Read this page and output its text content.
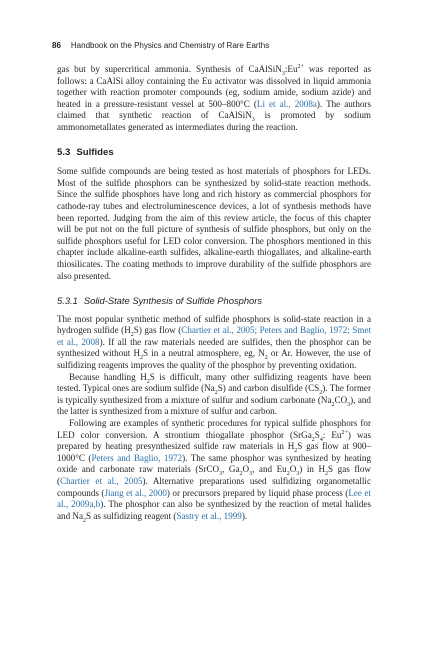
86 Handbook on the Physics and Chemistry of Rare Earths

gas but by supercritical ammonia. Synthesis of $CaAlSiN_3:Eu^{2+}$ was reported as follows: a CaAlSi alloy containing the Eu activator was dissolved in liquid ammonia together with reaction promoter compounds (eg, sodium amide, sodium azide) and heated in a pressure-resistant vessel at 500–800°C (Li et al., 2008a). The authors claimed that synthetic reaction of CaAlSiN$_3$ is promoted by sodium ammonometallates generated as intermediates during the reaction.

5.3 Sulfides

Some sulfide compounds are being tested as host materials of phosphors for LEDs. Most of the sulfide phosphors can be synthesized by solid-state reaction methods. Since the sulfide phosphors have long and rich history as commercial phosphors for cathode-ray tubes and electroluminescence devices, a lot of synthesis methods have been reported. Judging from the aim of this review article, the focus of this chapter will be put not on the full picture of synthesis of sulfide phosphors, but only on the sulfide phosphors useful for LED color conversion. The phosphors mentioned in this chapter include alkaline-earth sulfides, alkaline-earth thiogallates, and alkaline-earth thiosilicates. The coating methods to improve durability of the sulfide phosphors are also presented.

5.3.1 Solid-State Synthesis of Sulfide Phosphors

The most popular synthetic method of sulfide phosphors is solid-state reaction in a hydrogen sulfide $(H_2S)$ gas flow (Chartier et al., 2005; Peters and Baglio, 1972; Smet et al., 2008). If all the raw materials needed are sulfides, then the phosphor can be synthesized without $H_2S$ in a neutral atmosphere, eg, $N_2$ or Ar. However, the use of sulfidizing reagents improves the quality of the phosphor by preventing oxidation.

Because handling $H_2S$ is difficult, many other sulfidizing reagents have been tested. Typical ones are sodium sulfide $(Na_2S)$ and carbon disulfide $(CS_2)$. The former is typically synthesized from a mixture of sulfur and sodium carbonate $(Na_2CO_3)$, and the latter is synthesized from a mixture of sulfur and carbon.

Following are examples of synthetic procedures for typical sulfide phosphors for LED color conversion. A strontium thiogallate phosphor ($SrGa_2S_4$: $Eu^{2+}$) was prepared by heating presynthesized sulfide raw materials in $H_2S$ gas flow at 900–1000°C (Peters and Baglio, 1972). The same phosphor was synthesized by heating oxide and carbonate raw materials (SrCO$_3$, $Ga_2O_3$, and $Eu_2O_3$) in $H_2S$ gas flow (Chartier et al., 2005). Alternative preparations used sulfidizing organometallic compounds (Jiang et al., 2000) or precursors prepared by liquid phase process (Lee et al., 2009a,b). The phosphor can also be synthesized by the reaction of metal halides and $Na_2S$ as sulfidizing reagent (Sastry et al., 1999).
